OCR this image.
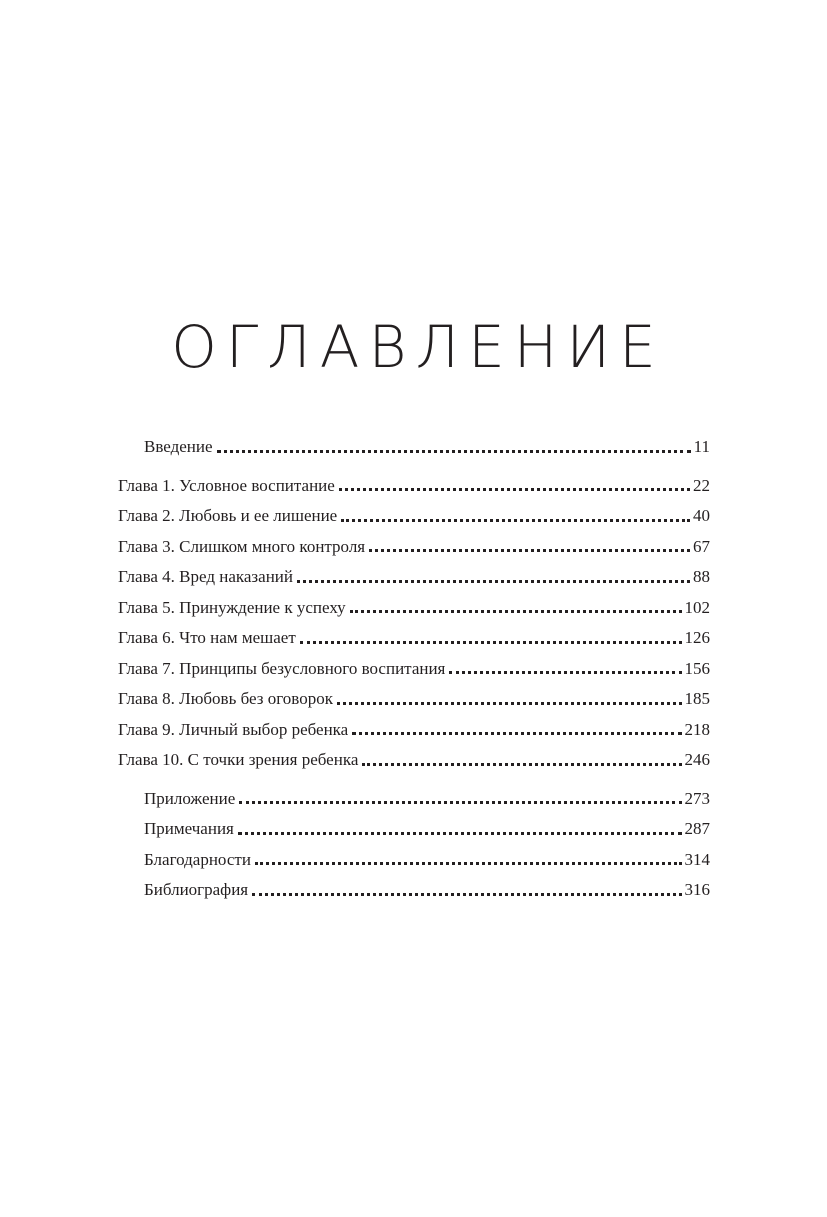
ОГЛАВЛЕНИЕ
Введение	11
Глава 1. Условное воспитание	22
Глава 2. Любовь и ее лишение	40
Глава 3. Слишком много контроля	67
Глава 4. Вред наказаний	88
Глава 5. Принуждение к успеху	102
Глава 6. Что нам мешает	126
Глава 7. Принципы безусловного воспитания	156
Глава 8. Любовь без оговорок	185
Глава 9. Личный выбор ребенка	218
Глава 10. С точки зрения ребенка	246
Приложение	273
Примечания	287
Благодарности	314
Библиография	316
